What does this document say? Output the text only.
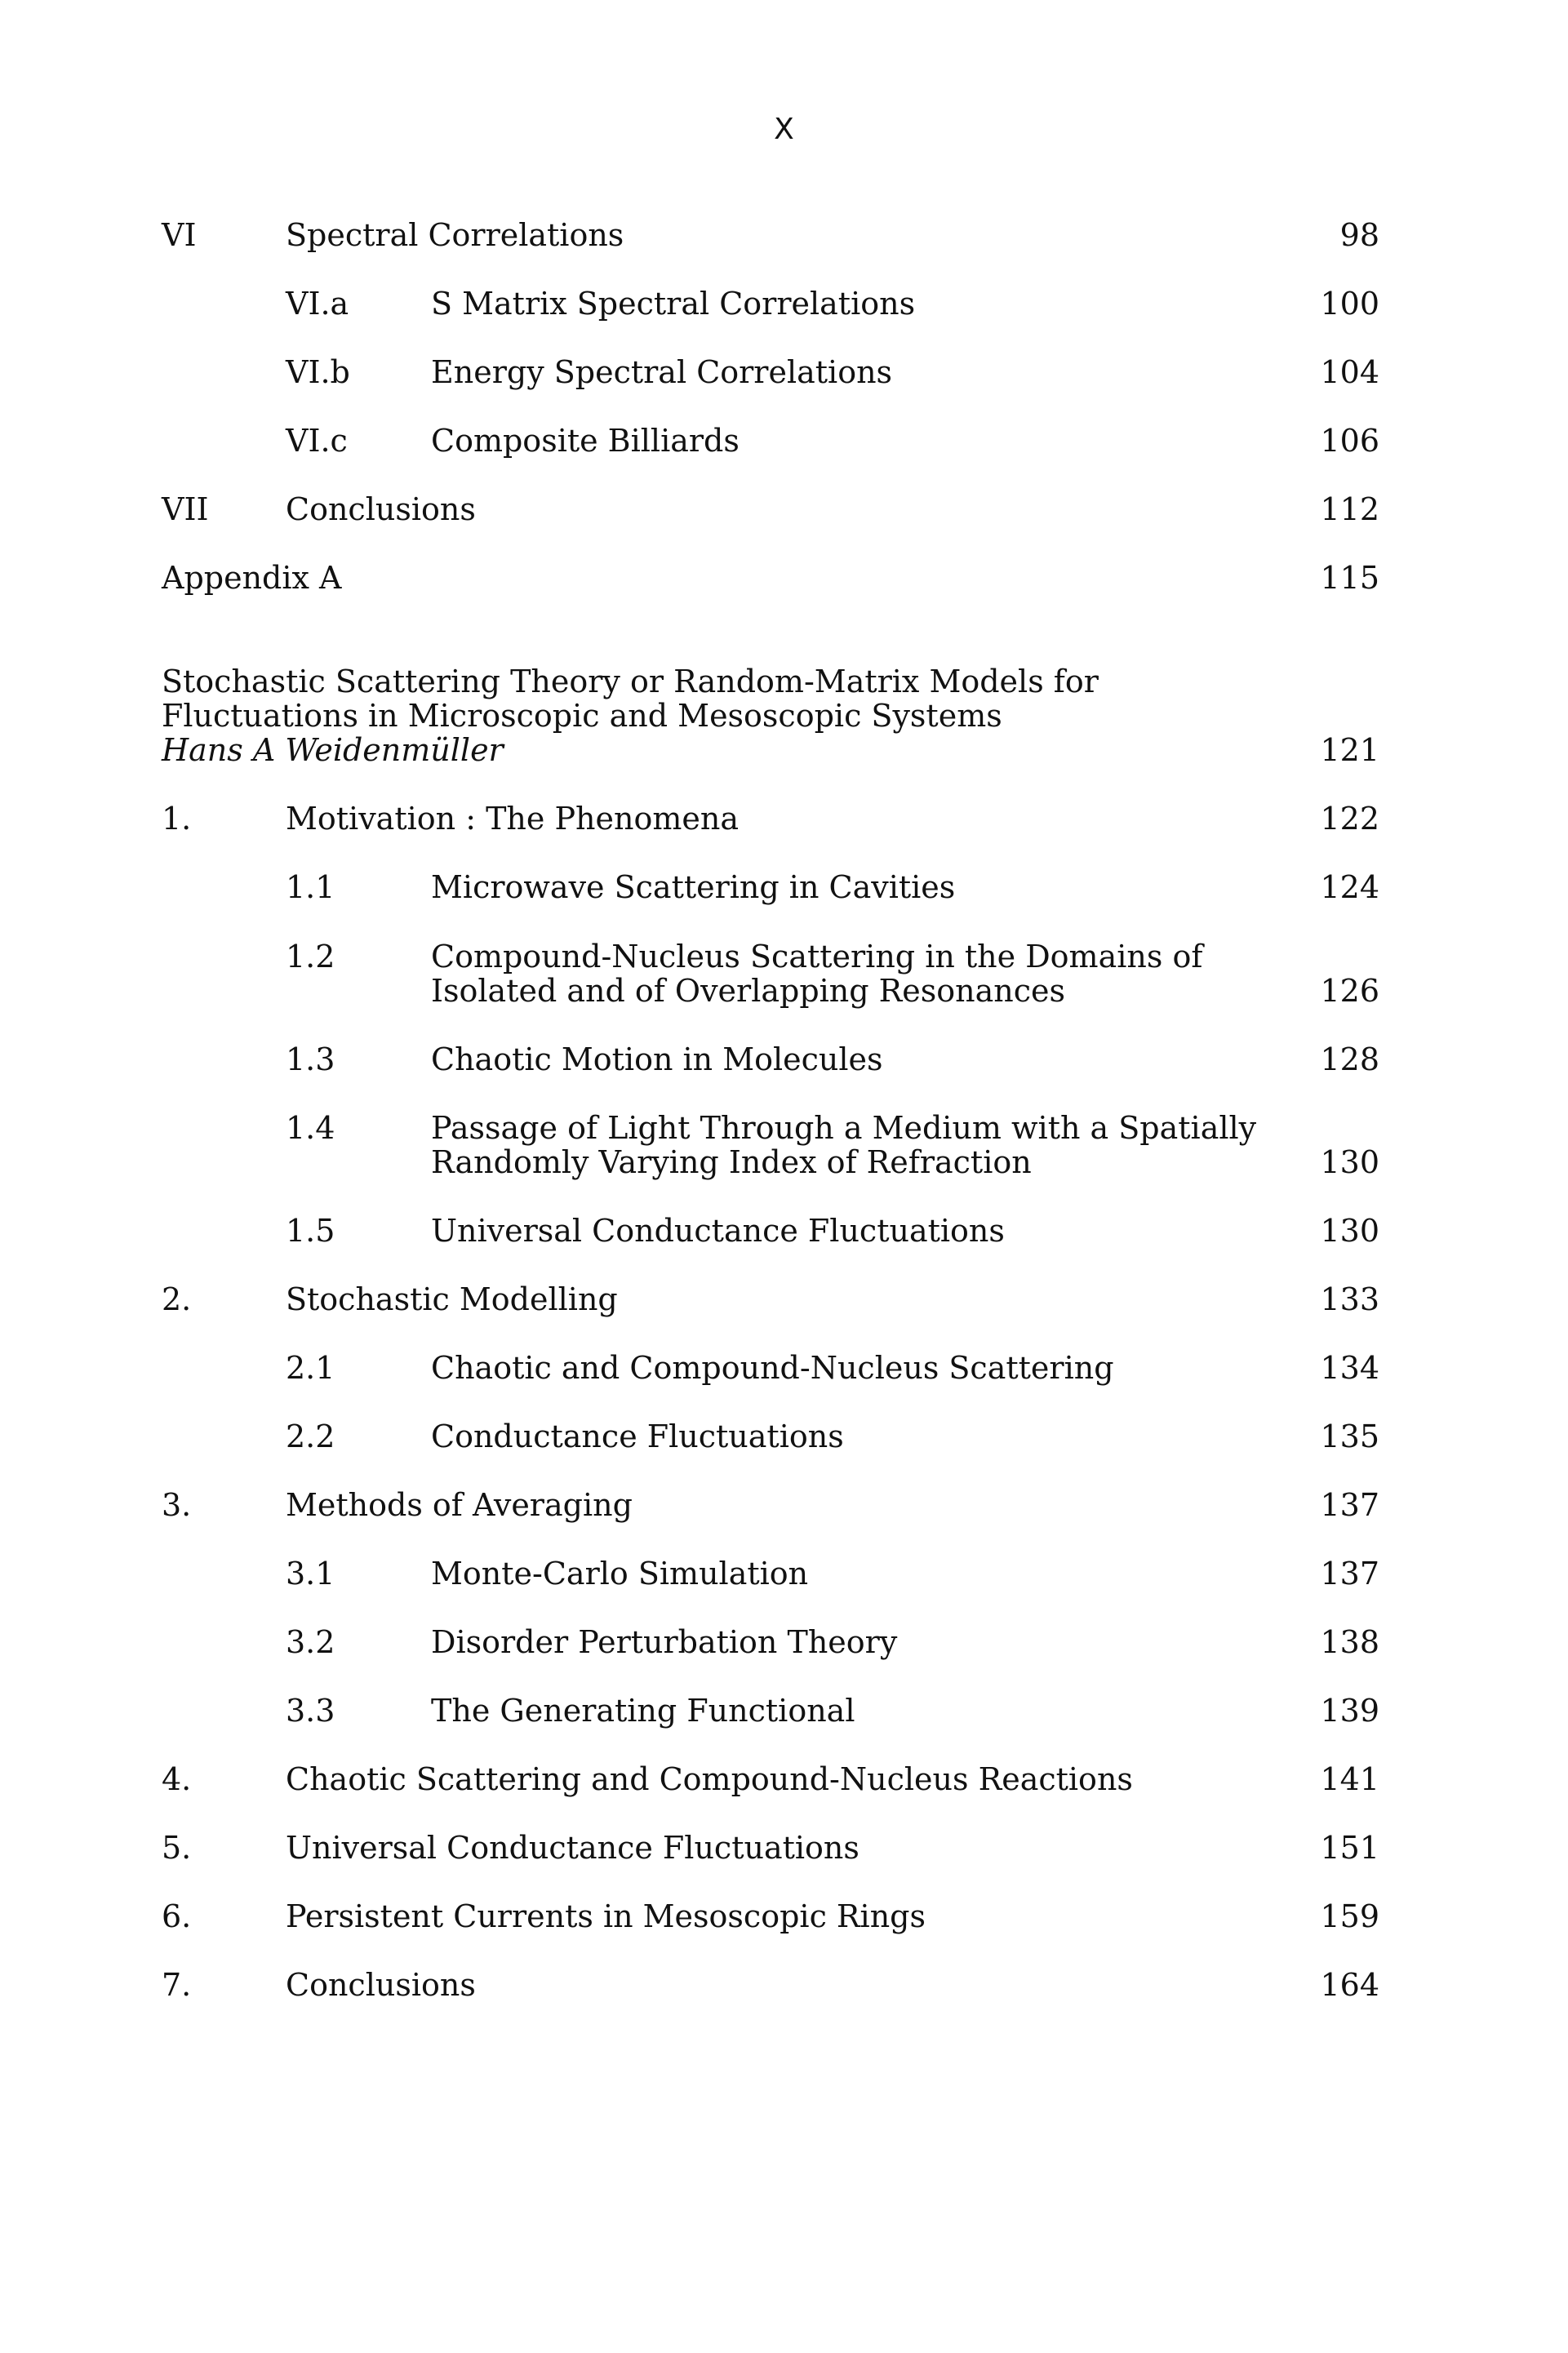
X
VI	Spectral Correlations	98
VI.a	S Matrix Spectral Correlations	100
VI.b	Energy Spectral Correlations	104
VI.c	Composite Billiards	106
VII Conclusions	112
Appendix A	115
Stochastic Scattering Theory or Random-Matrix Models for
Fluctuations in Microscopic and Mesoscopic Systems
Hans A Weidenmüller	121
1.	Motivation : The Phenomena	122
1.1	Microwave Scattering in Cavities	124
1.2	Compound-Nucleus Scattering in the Domains of
Isolated and of Overlapping Resonances	126
1.3	Chaotic Motion in Molecules	128
1.4	Passage of Light Through a Medium with a Spatially
Randomly Varying Index of Refraction	130
1.5	Universal Conductance Fluctuations	130
2.	Stochastic Modelling	133
2.1	Chaotic and Compound-Nucleus Scattering	134
2.2	Conductance Fluctuations	135
3.	Methods of Averaging	137
3.1	Monte-Carlo Simulation	137
3.2	Disorder Perturbation Theory	138
3.3	The Generating Functional	139
4.	Chaotic Scattering and Compound-Nucleus Reactions	141
5.	Universal Conductance Fluctuations	151
6.	Persistent Currents in Mesoscopic Rings	159
7.	Conclusions	164
